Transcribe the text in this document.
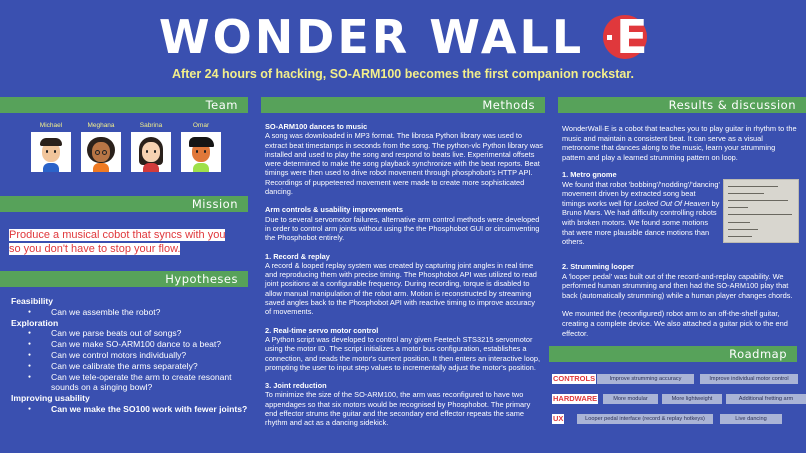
WONDER WALL E
After 24 hours of hacking, SO-ARM100 becomes the first companion rockstar.
Team
Michael	Meghana	Sabrina	Omar
Mission
Produce a musical cobot that syncs with you
so you don't have to stop your flow.
Hypotheses
Feasibility
● Can we assemble the robot?
Exploration
● Can we parse beats out of songs?
● Can we make SO-ARM100 dance to a beat?
● Can we control motors individually?
● Can we calibrate the arms separately?
● Can we tele-operate the arm to create resonant sounds on a singing bowl?
Improving usability
● Can we make the SO100 work with fewer joints?
Methods
SO-ARM100 dances to music
A song was downloaded in MP3 format. The librosa Python library was used to extract beat timestamps in seconds from the song. The python-vlc Python library was installed and used to play the song and respond to beats live. Experimental offsets were determined to make the song playback synchronize with the beat reports. Beat timings were then used to drive robot movement through phosphobot's HTTP API. Recordings of puppeteered movement were made to create more sophisticated dancing.
Arm controls & usability improvements
Due to several servomotor failures, alternative arm control methods were developed in order to control arm joints without using the the Phosphobot GUI or circumventing the Phosphobot entirely.
1. Record & replay
A record & looped replay system was created by capturing joint angles in real time and reproducing them with precise timing. The Phosphobot API was utilized to read joint positions at a configurable frequency. During recording, torque is disabled to allow manual manipulation of the robot arm. Motion is reconstructed by streaming saved angles back to the Phosphobot API with reactive timing to improve accuracy of movements.
2. Real-time servo motor control
A Python script was developed to control any given Feetech STS3215 servomotor using the motor ID. The script initializes a motor bus configuration, establishes a connection, and reads the motor's current position. It then enters an interactive loop, prompting the user to input step values to incrementally adjust the motor's position.
3. Joint reduction
To minimize the size of the SO-ARM100, the arm was reconfigured to have two appendages so that six motors would be recognised by Phosphobot. The primary end effector strums the guitar and the secondary end effector repeats the same rhythm and act as a dancing sidekick.
Results & discussion
WonderWall·E is a cobot that teaches you to play guitar in rhythm to the music and maintain a consistent beat. It can serve as a visual metronome that dances along to the music, learn your strumming pattern and play a learned strumming pattern on loop.
1. Metro gnome
We found that robot 'bobbing'/'nodding'/'dancing' movement driven by extracted song beat timings works well for Locked Out Of Heaven by Bruno Mars. We had difficulty controlling robots with broken motors. We found some motions that were more plausible dance motions than others.
2. Strumming looper
A 'looper pedal' was built out of the record-and-replay capability. We performed human strumming and then had the SO-ARM100 play that back (automatically strumming) while a human player changes chords.
We mounted the (reconfigured) robot arm to an off-the-shelf guitar, creating a complete device. We also attached a guitar pick to the end effector.
Roadmap
CONTROLS	Improve strumming accuracy	Improve individual motor control
HARDWARE	More modular	More lightweight	Additional fretting arm
UX	Looper pedal interface (record & replay hotkeys)	Live dancing
